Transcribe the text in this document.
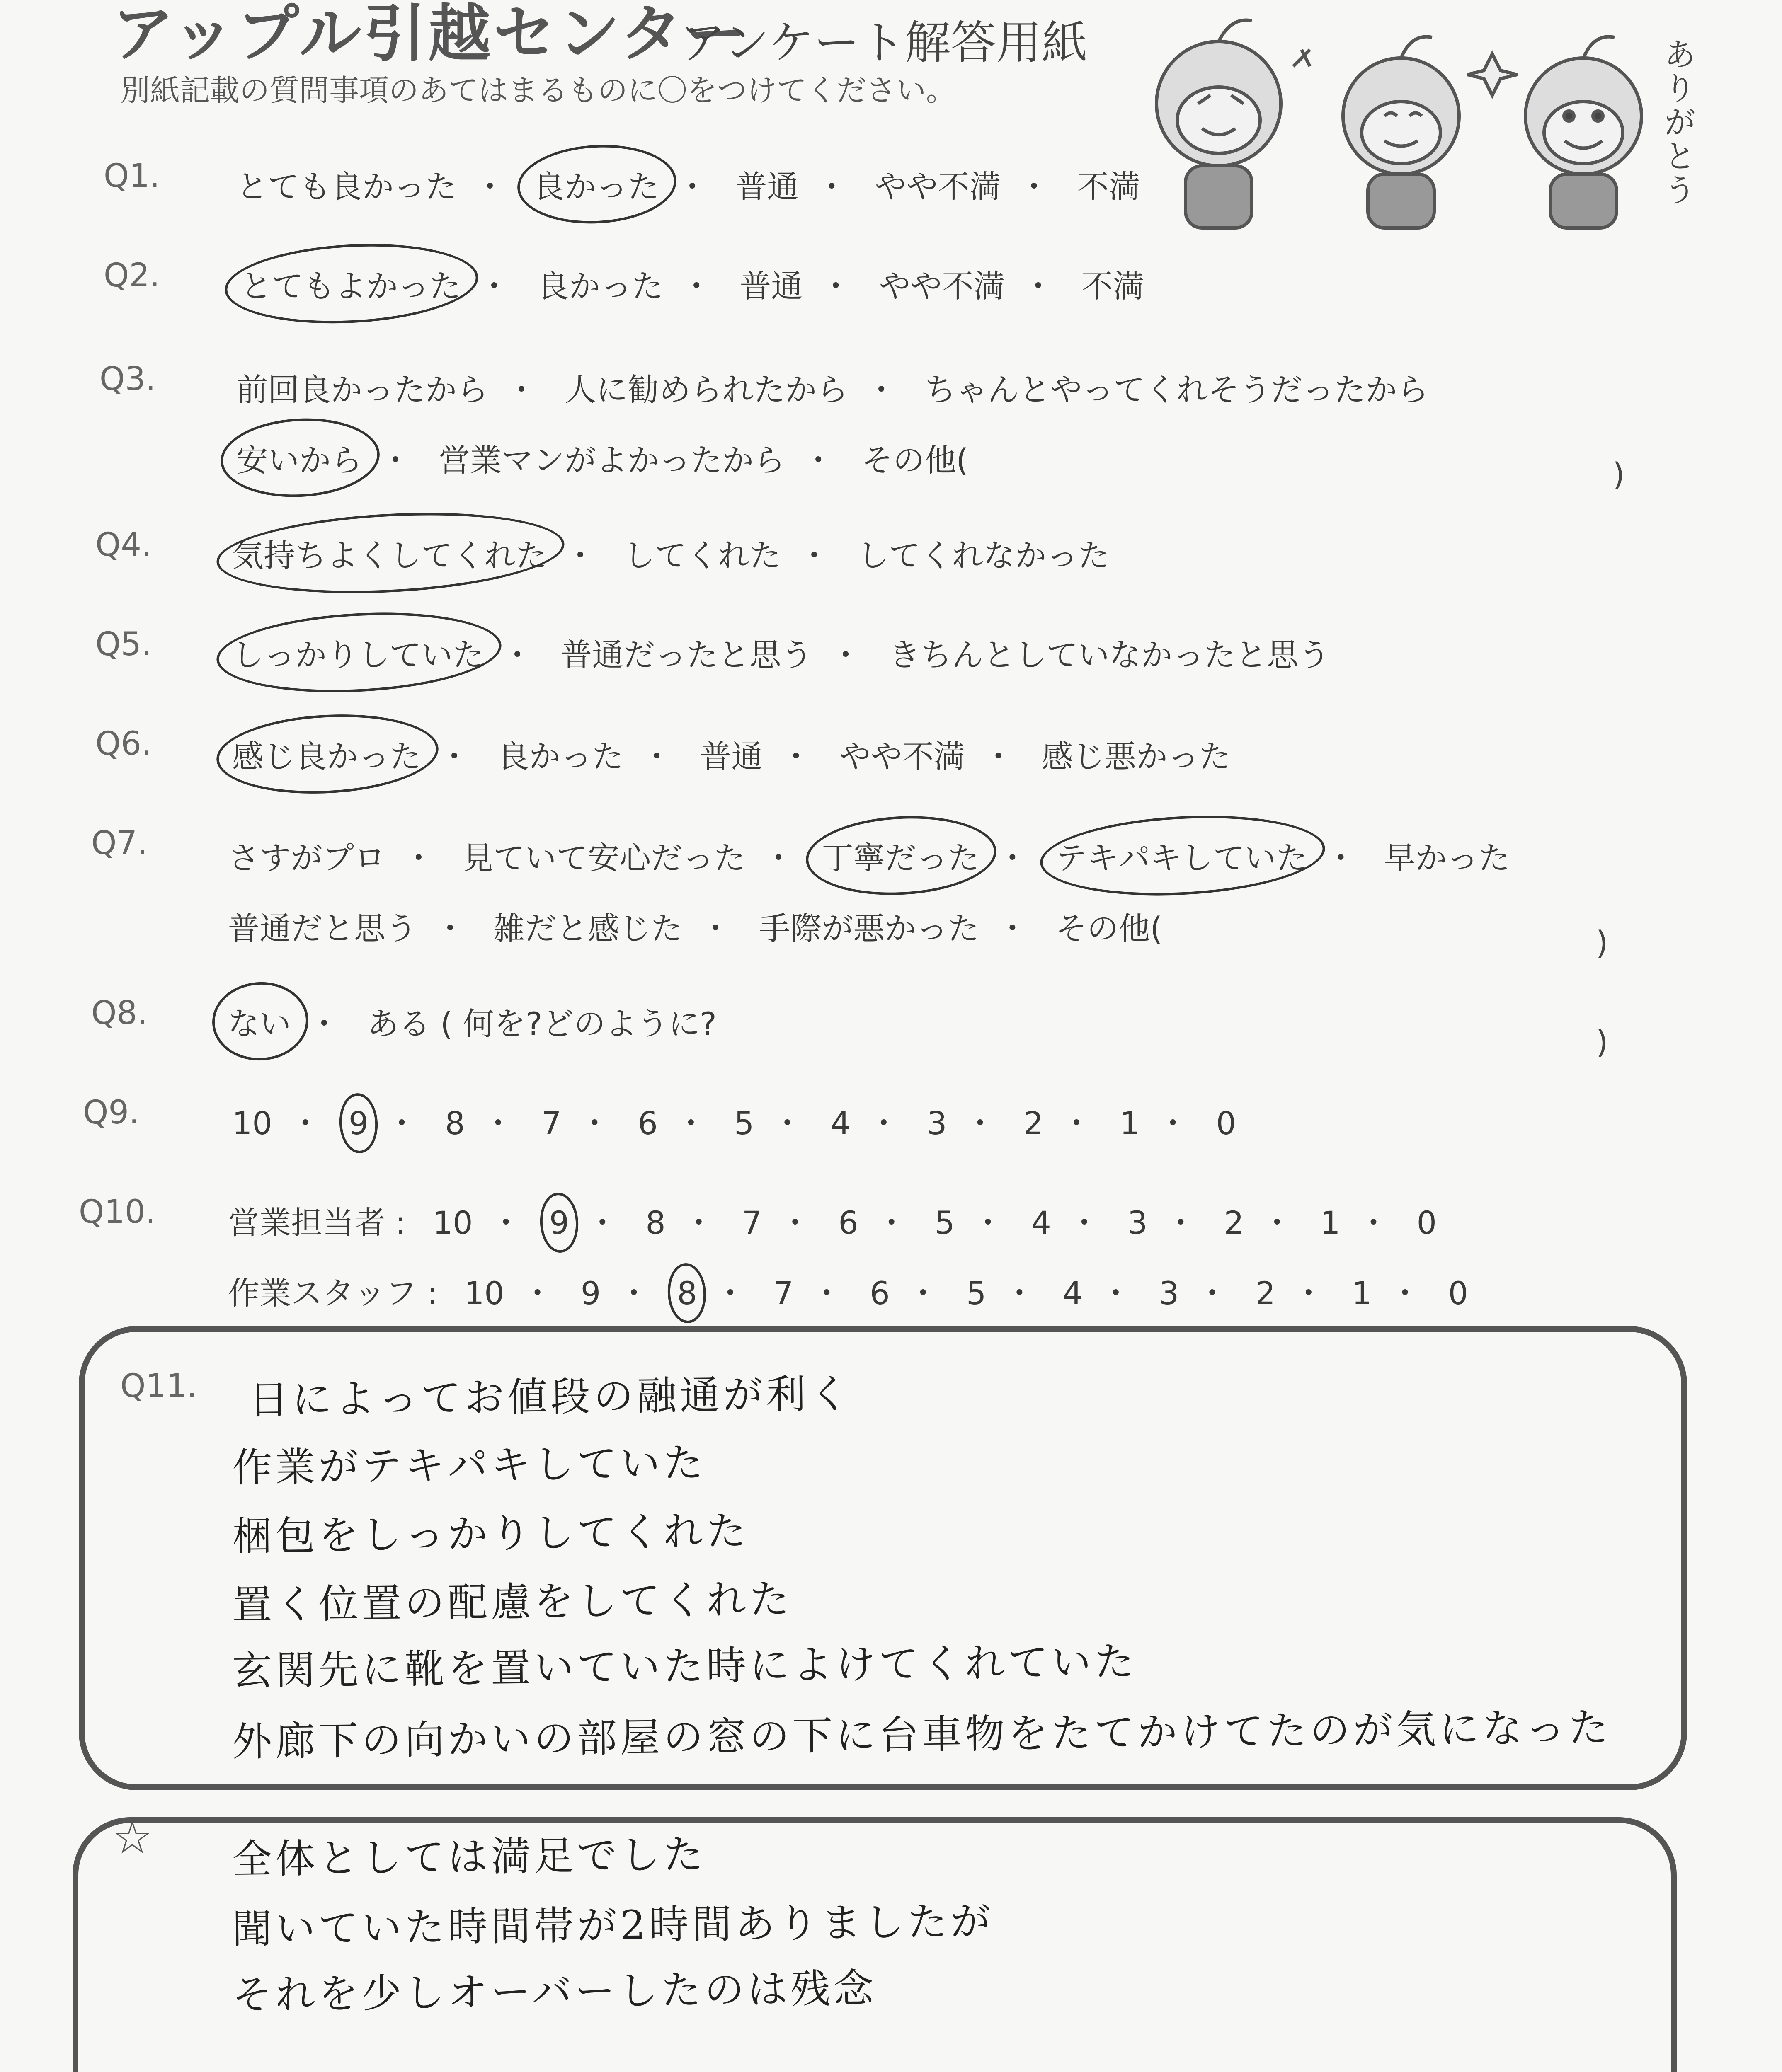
アップル引越センター
アンケート解答用紙
別紙記載の質問事項のあてはまるものに〇をつけてください。	ありがとう
Q1. とても良かった ・ 良かった ・ 普通 ・ やや不満 ・ 不満
Q2.	とてもよかった ・ 良かった ・ 普通 ・ やや不満 ・ 不満
Q3.	前回良かったから ・ 人に勧められたから ・ ちゃんとやってくれそうだったから
安いから ・ 営業マンがよかったから ・ その他(	)
Q4.	気持ちよくしてくれた ・ してくれた ・ してくれなかった
Q5.	しっかりしていた ・ 普通だったと思う ・ きちんとしていなかったと思う
Q6.	感じ良かった ・ 良かった ・ 普通 ・ やや不満 ・ 感じ悪かった
Q7.	さすがプロ ・ 見ていて安心だった ・ 丁寧だった ・ テキパキしていた ・ 早かった
普通だと思う ・ 雑だと感じた ・ 手際が悪かった ・ その他(	)
Q8.	ない ・ ある ( 何を?どのように?	)
Q9.	10 ・ 9 ・ 8 ・ 7 ・ 6 ・ 5 ・ 4 ・ 3 ・ 2 ・ 1 ・ 0
Q10. 営業担当者 : 10 ・ 9 ・ 8 ・ 7 ・ 6 ・ 5 ・ 4 ・ 3 ・ 2 ・ 1 ・ 0
作業スタッフ : 10 ・ 9 ・ 8 ・ 7 ・ 6 ・ 5 ・ 4 ・ 3 ・ 2 ・ 1 ・ 0
Q11. 日によってお値段の融通が利く
作業がテキパキしていた
梱包をしっかりしてくれた
置く位置の配慮をしてくれた
玄関先に靴を置いていた時によけてくれていた
外廊下の向かいの部屋の窓の下に台車物をたてかけてたのが気になった
☆ 全体としては満足でした
聞いていた時間帯が2時間ありましたが
それを少しオーバーしたのは残念
